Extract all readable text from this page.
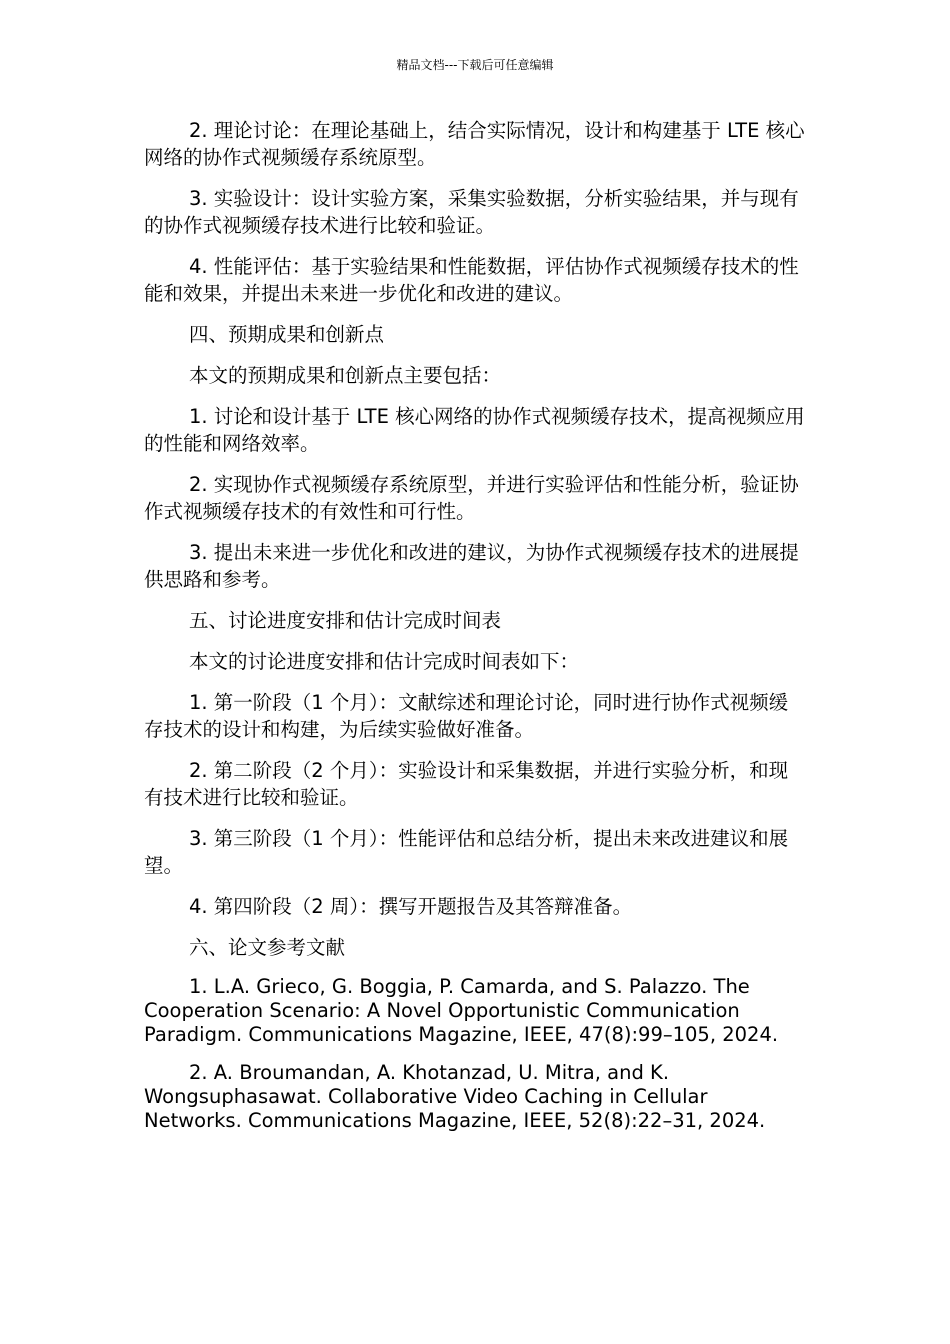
精品文档---下载后可任意编辑

2. 理论讨论：在理论基础上，结合实际情况，设计和构建基于 LTE 核心网络的协作式视频缓存系统原型。

3. 实验设计：设计实验方案，采集实验数据，分析实验结果，并与现有的协作式视频缓存技术进行比较和验证。

4. 性能评估：基于实验结果和性能数据，评估协作式视频缓存技术的性能和效果，并提出未来进一步优化和改进的建议。

四、预期成果和创新点

本文的预期成果和创新点主要包括：

1. 讨论和设计基于 LTE 核心网络的协作式视频缓存技术，提高视频应用的性能和网络效率。

2. 实现协作式视频缓存系统原型，并进行实验评估和性能分析，验证协作式视频缓存技术的有效性和可行性。

3. 提出未来进一步优化和改进的建议，为协作式视频缓存技术的进展提供思路和参考。

五、讨论进度安排和估计完成时间表

本文的讨论进度安排和估计完成时间表如下：

1. 第一阶段（1 个月）：文献综述和理论讨论，同时进行协作式视频缓存技术的设计和构建，为后续实验做好准备。

2. 第二阶段（2 个月）：实验设计和采集数据，并进行实验分析，和现有技术进行比较和验证。

3. 第三阶段（1 个月）：性能评估和总结分析，提出未来改进建议和展望。

4. 第四阶段（2 周）：撰写开题报告及其答辩准备。

六、论文参考文献

1. L.A. Grieco, G. Boggia, P. Camarda, and S. Palazzo. The Cooperation Scenario: A Novel Opportunistic Communication Paradigm. Communications Magazine, IEEE, 47(8):99–105, 2024.

2. A. Broumandan, A. Khotanzad, U. Mitra, and K. Wongsuphasawat. Collaborative Video Caching in Cellular Networks. Communications Magazine, IEEE, 52(8):22–31, 2024.
